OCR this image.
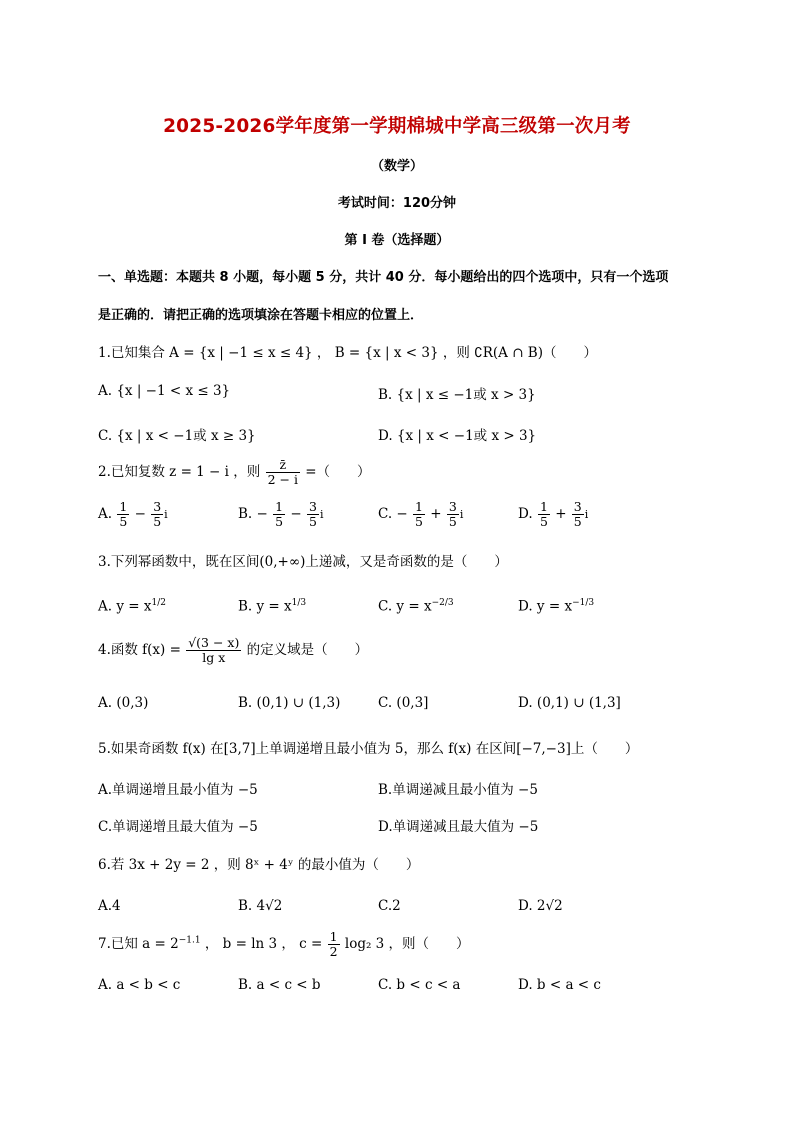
2025-2026学年度第一学期棉城中学高三级第一次月考
（数学）
考试时间：120分钟
第 I 卷（选择题）
一、单选题：本题共 8 小题，每小题 5 分，共计 40 分．每小题给出的四个选项中，只有一个选项
是正确的．请把正确的选项填涂在答题卡相应的位置上．
1.已知集合 A = {x | −1 ≤ x ≤ 4} ， B = {x | x < 3} ，则 ∁R(A ∩ B)（　　）
A. {x | −1 < x ≤ 3}	B. {x | x ≤ −1或 x > 3}
C. {x | x < −1或 x ≥ 3}	D. {x | x < −1或 x > 3}
2.已知复数 z = 1 − i ，则 $\frac{z̄}{2 - i}$ =（　　）
A. $\frac{1}{5} - \frac{3}{5}$ i	B. − $\frac{1}{5} - \frac{3}{5}$ i	C. − $\frac{1}{5} + \frac{3}{5}$ i	D. $\frac{1}{5} + \frac{3}{5}$ i
3.下列幂函数中，既在区间(0,+∞)上递减，又是奇函数的是（　　）
A. $y = x^{1/2}$	B. $y = x^{1/3}$	C. $y = x^{-2/3}$	D. $y = x^{-1/3}$
4.函数 $f(x) = \frac{√(3 - x)}{\text{lg x}}$ 的定义域是（　　）
A. (0,3)	B. (0,1) ∪ (1,3)	C. (0,3]	D. (0,1) ∪ (1,3]
5.如果奇函数 f(x) 在[3,7]上单调递增且最小值为 5，那么 f(x) 在区间[−7,−3]上（　　）
A.单调递增且最小值为 −5	B.单调递减且最小值为 −5
C.单调递增且最大值为 −5	D.单调递减且最大值为 −5
6.若 3x + 2y = 2 ，则 8ˣ + 4ʸ 的最小值为（　　）
A.4	B. 4√2	C.2	D. 2√2
7.已知 $a = 2^{-1.1}$ ， b = ln 3 ， $c = \frac{1}{2} \log_2$ 3 ，则（　　）
A. a < b < c	B. a < c < b	C. b < c < a	D. b < a < c
